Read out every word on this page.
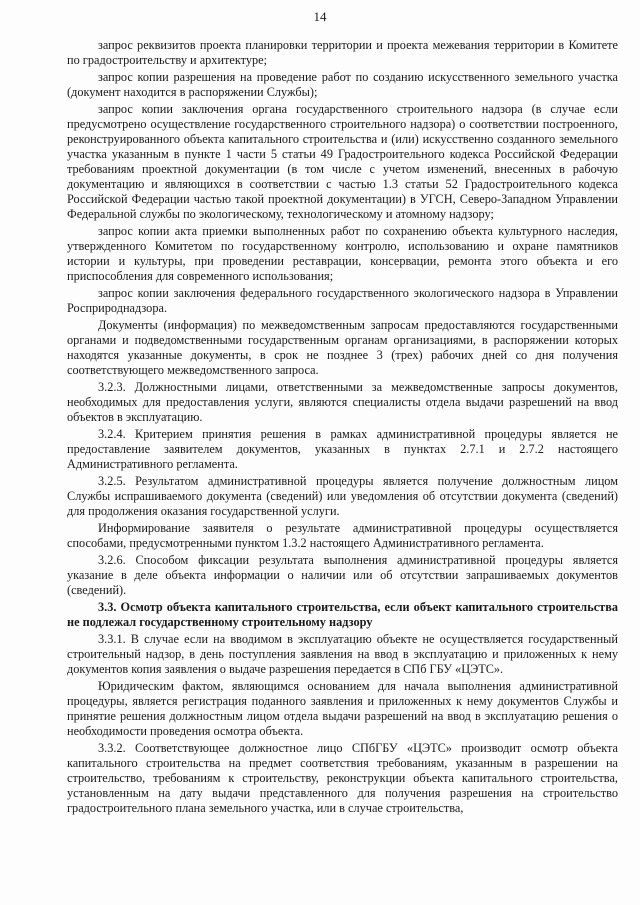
14

запрос реквизитов проекта планировки территории и проекта межевания территории в Комитете по градостроительству и архитектуре;

запрос копии разрешения на проведение работ по созданию искусственного земельного участка (документ находится в распоряжении Службы);

запрос копии заключения органа государственного строительного надзора (в случае если предусмотрено осуществление государственного строительного надзора) о соответствии построенного, реконструированного объекта капитального строительства и (или) искусственно созданного земельного участка указанным в пункте 1 части 5 статьи 49 Градостроительного кодекса Российской Федерации требованиям проектной документации (в том числе с учетом изменений, внесенных в рабочую документацию и являющихся в соответствии с частью 1.3 статьи 52 Градостроительного кодекса Российской Федерации частью такой проектной документации) в УГСН, Северо-Западном Управлении Федеральной службы по экологическому, технологическому и атомному надзору;

запрос копии акта приемки выполненных работ по сохранению объекта культурного наследия, утвержденного Комитетом по государственному контролю, использованию и охране памятников истории и культуры, при проведении реставрации, консервации, ремонта этого объекта и его приспособления для современного использования;

запрос копии заключения федерального государственного экологического надзора в Управлении Росприроднадзора.

Документы (информация) по межведомственным запросам предоставляются государственными органами и подведомственными государственным органам организациями, в распоряжении которых находятся указанные документы, в срок не позднее 3 (трех) рабочих дней со дня получения соответствующего межведомственного запроса.

3.2.3. Должностными лицами, ответственными за межведомственные запросы документов, необходимых для предоставления услуги, являются специалисты отдела выдачи разрешений на ввод объектов в эксплуатацию.

3.2.4. Критерием принятия решения в рамках административной процедуры является не предоставление заявителем документов, указанных в пунктах 2.7.1 и 2.7.2 настоящего Административного регламента.

3.2.5. Результатом административной процедуры является получение должностным лицом Службы испрашиваемого документа (сведений) или уведомления об отсутствии документа (сведений) для продолжения оказания государственной услуги.

Информирование заявителя о результате административной процедуры осуществляется способами, предусмотренными пунктом 1.3.2 настоящего Административного регламента.

3.2.6. Способом фиксации результата выполнения административной процедуры является указание в деле объекта информации о наличии или об отсутствии запрашиваемых документов (сведений).

3.3. Осмотр объекта капитального строительства, если объект капитального строительства не подлежал государственному строительному надзору

3.3.1. В случае если на вводимом в эксплуатацию объекте не осуществляется государственный строительный надзор, в день поступления заявления на ввод в эксплуатацию и приложенных к нему документов копия заявления о выдаче разрешения передается в СПб ГБУ «ЦЭТС».

Юридическим фактом, являющимся основанием для начала выполнения административной процедуры, является регистрация поданного заявления и приложенных к нему документов Службы и принятие решения должностным лицом отдела выдачи разрешений на ввод в эксплуатацию решения о необходимости проведения осмотра объекта.

3.3.2. Соответствующее должностное лицо СПбГБУ «ЦЭТС» производит осмотр объекта капитального строительства на предмет соответствия требованиям, указанным в разрешении на строительство, требованиям к строительству, реконструкции объекта капитального строительства, установленным на дату выдачи представленного для получения разрешения на строительство градостроительного плана земельного участка, или в случае строительства,
